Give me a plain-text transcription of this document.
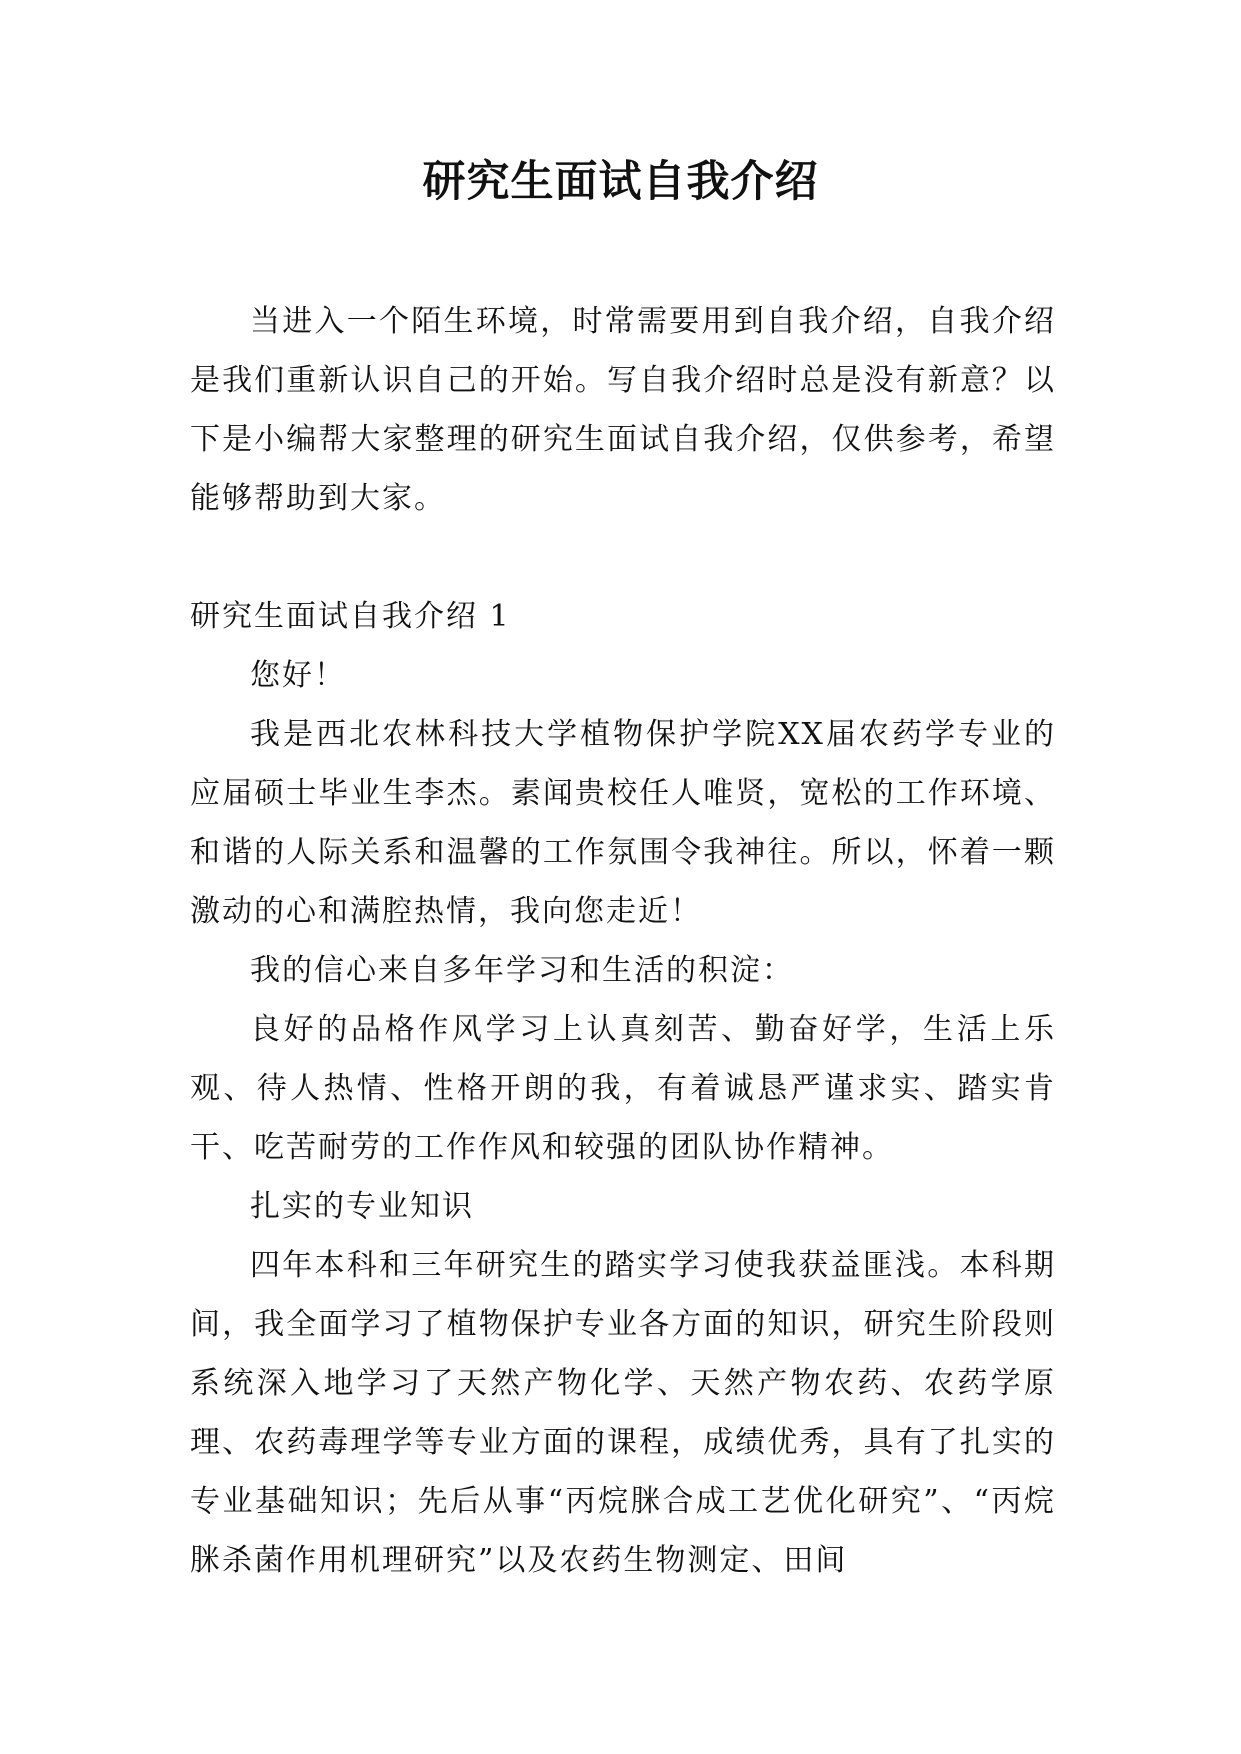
研究生面试自我介绍

当进入一个陌生环境，时常需要用到自我介绍，自我介绍是我们重新认识自己的开始。写自我介绍时总是没有新意？以下是小编帮大家整理的研究生面试自我介绍，仅供参考，希望能够帮助到大家。

研究生面试自我介绍 1

您好！

我是西北农林科技大学植物保护学院XX届农药学专业的应届硕士毕业生李杰。素闻贵校任人唯贤，宽松的工作环境、和谐的人际关系和温馨的工作氛围令我神往。所以，怀着一颗激动的心和满腔热情，我向您走近！

我的信心来自多年学习和生活的积淀：

良好的品格作风学习上认真刻苦、勤奋好学，生活上乐观、待人热情、性格开朗的我，有着诚恳严谨求实、踏实肯干、吃苦耐劳的工作作风和较强的团队协作精神。

扎实的专业知识

四年本科和三年研究生的踏实学习使我获益匪浅。本科期间，我全面学习了植物保护专业各方面的知识，研究生阶段则系统深入地学习了天然产物化学、天然产物农药、农药学原理、农药毒理学等专业方面的课程，成绩优秀，具有了扎实的专业基础知识；先后从事“丙烷脒合成工艺优化研究”、“丙烷脒杀菌作用机理研究”以及农药生物测定、田间
